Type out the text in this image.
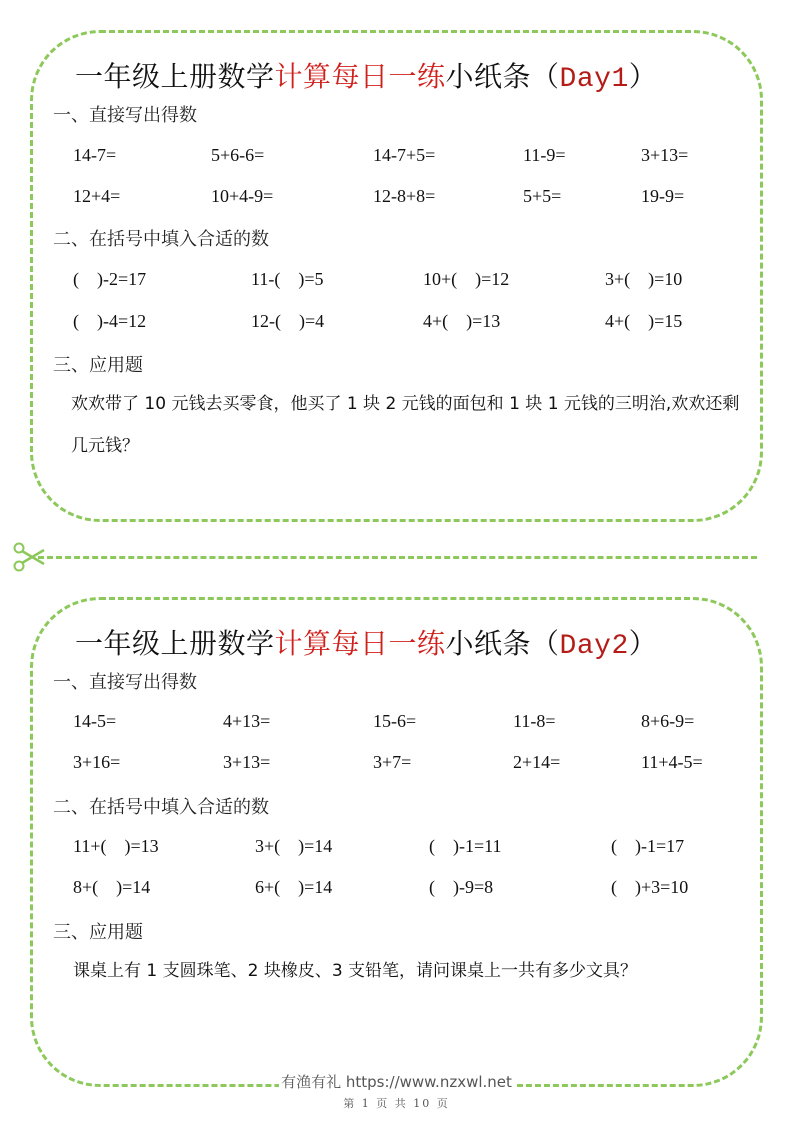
一年级上册数学计算每日一练小纸条（Day1）
一、直接写出得数
14-7=	5+6-6=	14-7+5=	11-9=	3+13=
12+4=	10+4-9=	12-8+8=	5+5=	19-9=
二、在括号中填入合适的数
(    )-2=17	11-(    )=5	10+(    )=12	3+(    )=10
(    )-4=12	12-(    )=4	4+(    )=13	4+(    )=15
三、应用题
欢欢带了 10 元钱去买零食，他买了 1 块 2 元钱的面包和 1 块 1 元钱的三明治,欢欢还剩几元钱？
一年级上册数学计算每日一练小纸条（Day2）
一、直接写出得数
14-5=	4+13=	15-6=	11-8=	8+6-9=
3+16=	3+13=	3+7=	2+14=	11+4-5=
二、在括号中填入合适的数
11+(    )=13	3+(    )=14	(    )-1=11	(    )-1=17
8+(    )=14	6+(    )=14	(    )-9=8	(    )+3=10
三、应用题
课桌上有 1 支圆珠笔、2 块橡皮、3 支铅笔，请问课桌上一共有多少文具？
有渔有礼 https://www.nzxwl.net
第 1 页 共 10 页
